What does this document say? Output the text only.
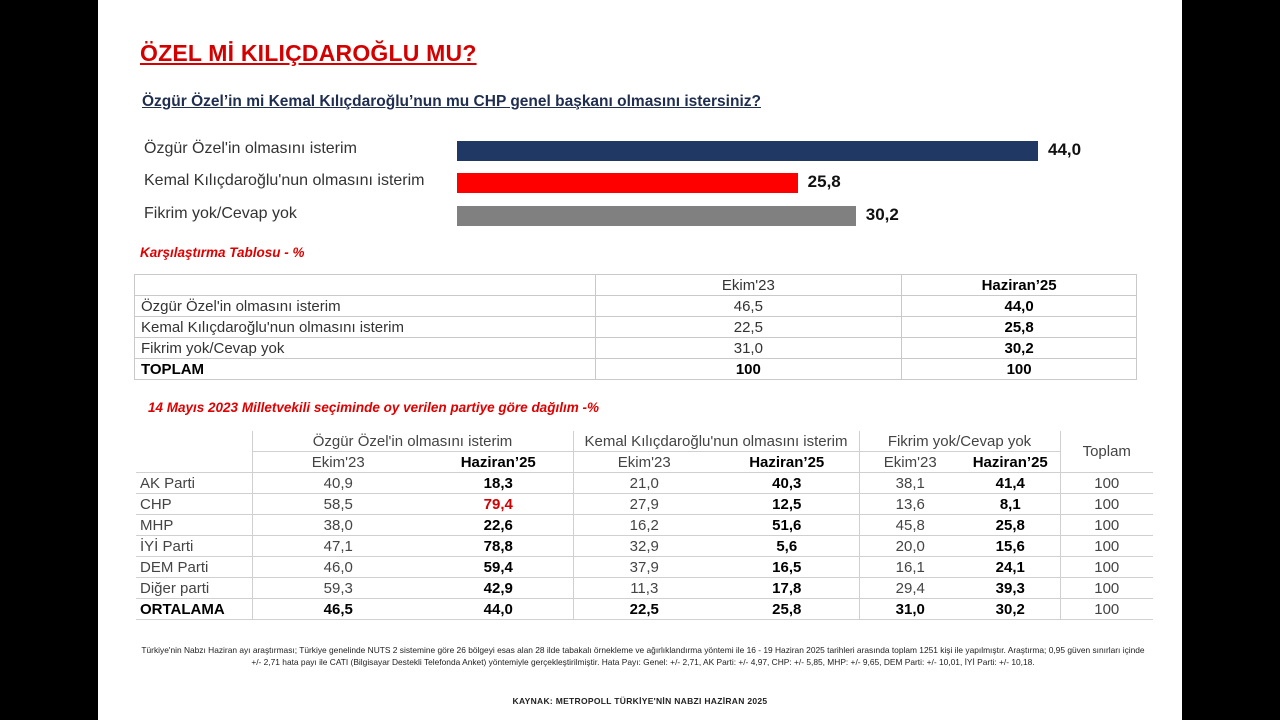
ÖZEL Mİ KILIÇDAROĞLU MU?
Özgür Özel’in mi Kemal Kılıçdaroğlu’nun mu CHP genel başkanı olmasını istersiniz?
Özgür Özel'in olmasını isterim	44,0
Kemal Kılıçdaroğlu'nun olmasını isterim	25,8
Fikrim yok/Cevap yok	30,2
Karşılaştırma Tablosu - %
	Ekim'23	Haziran’25
Özgür Özel'in olmasını isterim	46,5	44,0
Kemal Kılıçdaroğlu'nun olmasını isterim	22,5	25,8
Fikrim yok/Cevap yok	31,0	30,2
TOPLAM	100	100
14 Mayıs 2023 Milletvekili seçiminde oy verilen partiye göre dağılım -%
	Özgür Özel'in olmasını isterim		Kemal Kılıçdaroğlu'nun olmasını isterim		Fikrim yok/Cevap yok		Toplam
	Ekim'23	Haziran’25	Ekim'23	Haziran’25	Ekim'23	Haziran’25	
AK Parti	40,9	18,3	21,0	40,3	38,1	41,4	100
CHP	58,5	79,4	27,9	12,5	13,6	8,1	100
MHP	38,0	22,6	16,2	51,6	45,8	25,8	100
İYİ Parti	47,1	78,8	32,9	5,6	20,0	15,6	100
DEM Parti	46,0	59,4	37,9	16,5	16,1	24,1	100
Diğer parti	59,3	42,9	11,3	17,8	29,4	39,3	100
ORTALAMA	46,5	44,0	22,5	25,8	31,0	30,2	100
Türkiye'nin Nabzı Haziran ayı araştırması; Türkiye genelinde NUTS 2 sistemine göre 26 bölgeyi esas alan 28 ilde tabakalı örnekleme ve ağırlıklandırma yöntemi ile 16 - 19 Haziran 2025 tarihleri arasında toplam 1251 kişi ile yapılmıştır. Araştırma; 0,95 güven sınırları içinde +/- 2,71 hata payı ile CATI (Bilgisayar Destekli Telefonda Anket) yöntemiyle gerçekleştirilmiştir. Hata Payı: Genel: +/- 2,71, AK Parti: +/- 4,97, CHP: +/- 5,85, MHP: +/- 9,65, DEM Parti: +/- 10,01, İYİ Parti: +/- 10,18.
KAYNAK: METROPOLL TÜRKİYE'NİN NABZI HAZİRAN 2025
